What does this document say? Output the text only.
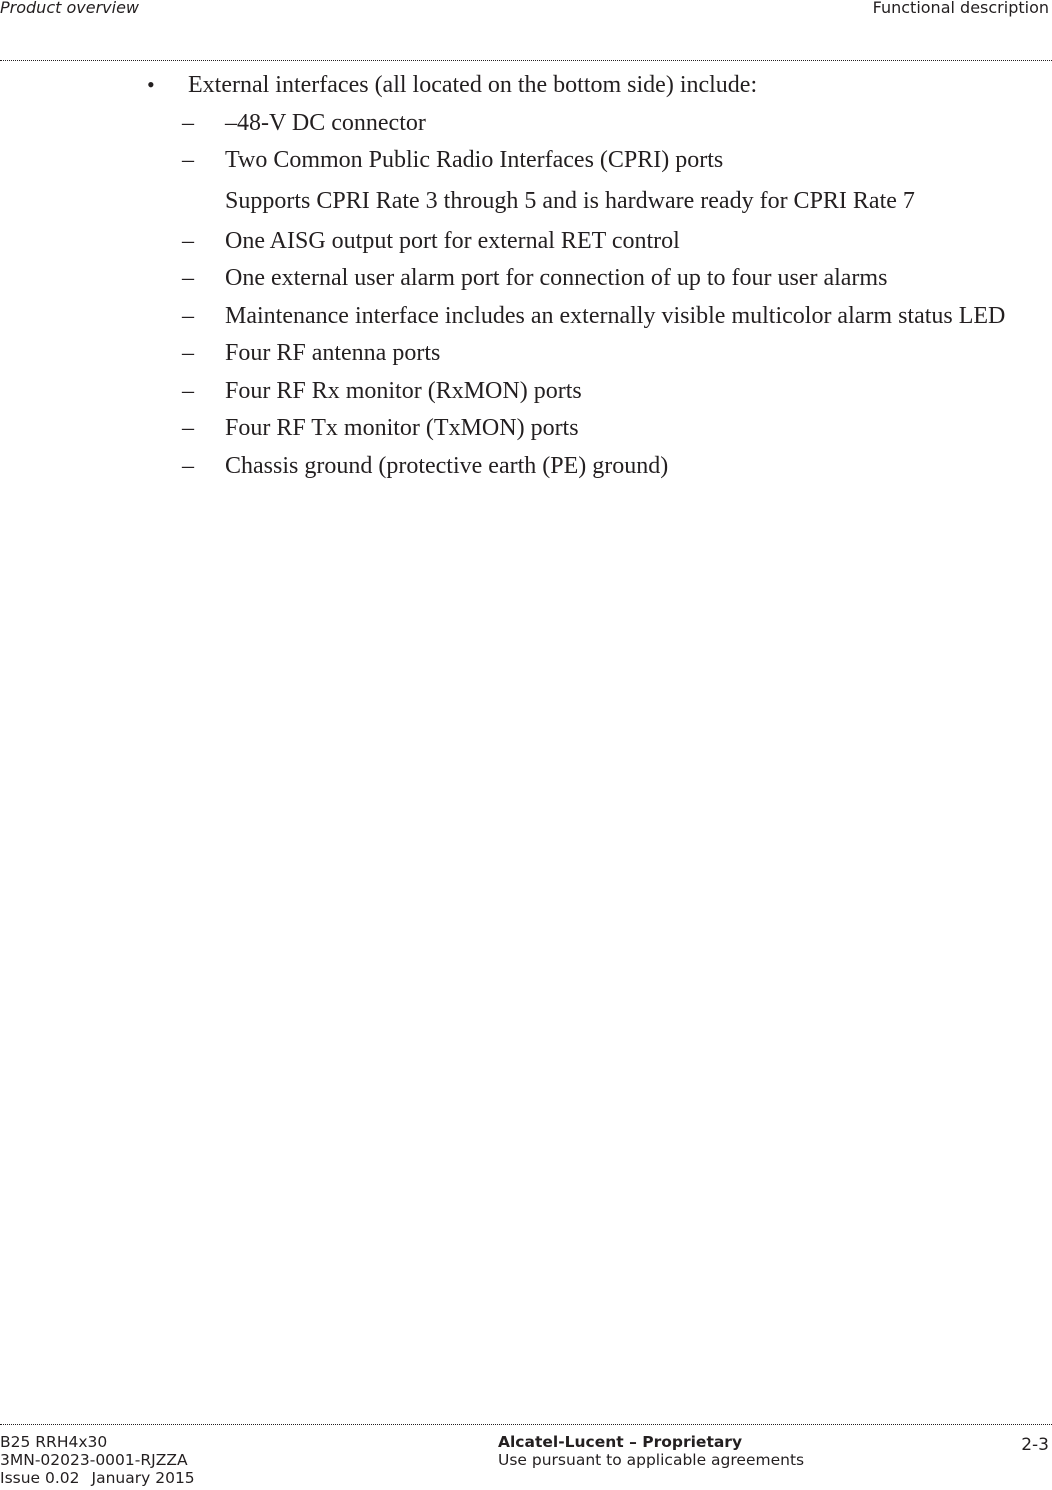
Product overview	Functional description
• External interfaces (all located on the bottom side) include:
– –48-V DC connector
– Two Common Public Radio Interfaces (CPRI) ports
Supports CPRI Rate 3 through 5 and is hardware ready for CPRI Rate 7
– One AISG output port for external RET control
– One external user alarm port for connection of up to four user alarms
– Maintenance interface includes an externally visible multicolor alarm status LED
– Four RF antenna ports
– Four RF Rx monitor (RxMON) ports
– Four RF Tx monitor (TxMON) ports
– Chassis ground (protective earth (PE) ground)
B25 RRH4x30
3MN-02023-0001-RJZZA
Issue 0.02 January 2015
Alcatel-Lucent – Proprietary
Use pursuant to applicable agreements
2-3
